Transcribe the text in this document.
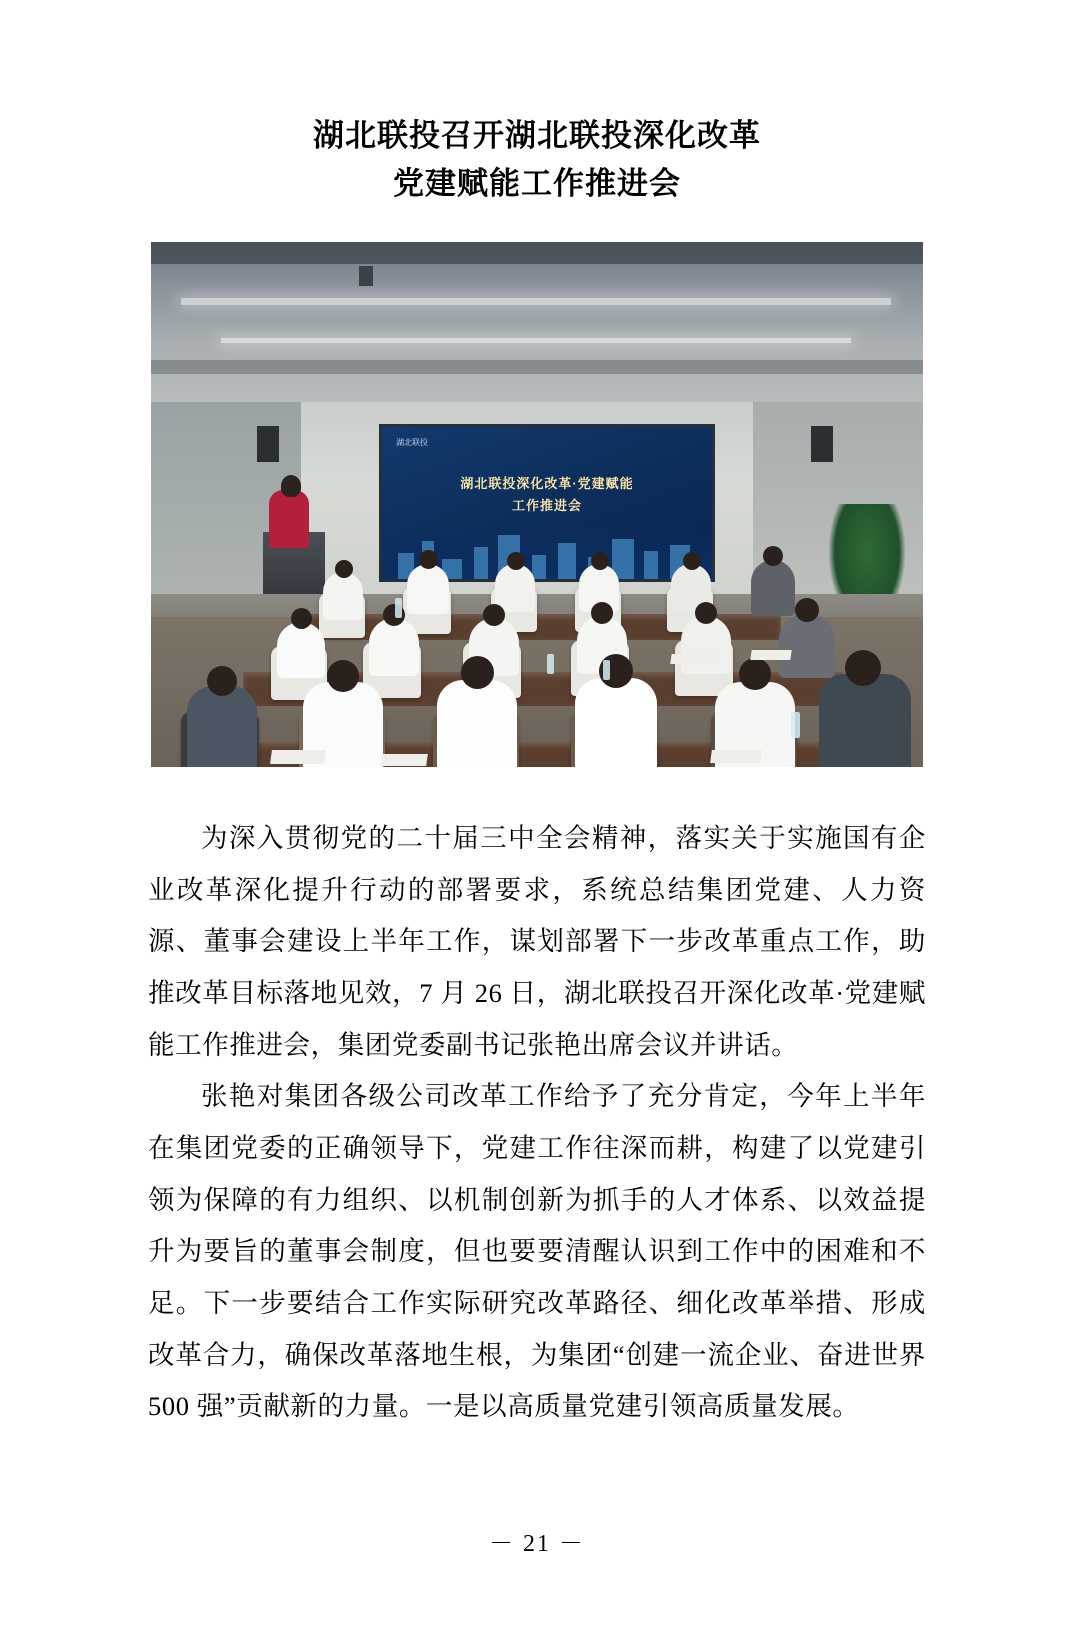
湖北联投召开湖北联投深化改革
党建赋能工作推进会
湖北联投
湖北联投深化改革·党建赋能
工作推进会

为深入贯彻党的二十届三中全会精神，落实关于实施国有企业改革深化提升行动的部署要求，系统总结集团党建、人力资源、董事会建设上半年工作，谋划部署下一步改革重点工作，助推改革目标落地见效，7 月 26 日，湖北联投召开深化改革·党建赋能工作推进会，集团党委副书记张艳出席会议并讲话。

张艳对集团各级公司改革工作给予了充分肯定，今年上半年在集团党委的正确领导下，党建工作往深而耕，构建了以党建引领为保障的有力组织、以机制创新为抓手的人才体系、以效益提升为要旨的董事会制度，但也要要清醒认识到工作中的困难和不足。下一步要结合工作实际研究改革路径、细化改革举措、形成改革合力，确保改革落地生根，为集团“创建一流企业、奋进世界 500 强”贡献新的力量。一是以高质量党建引领高质量发展。

－ 21 －
